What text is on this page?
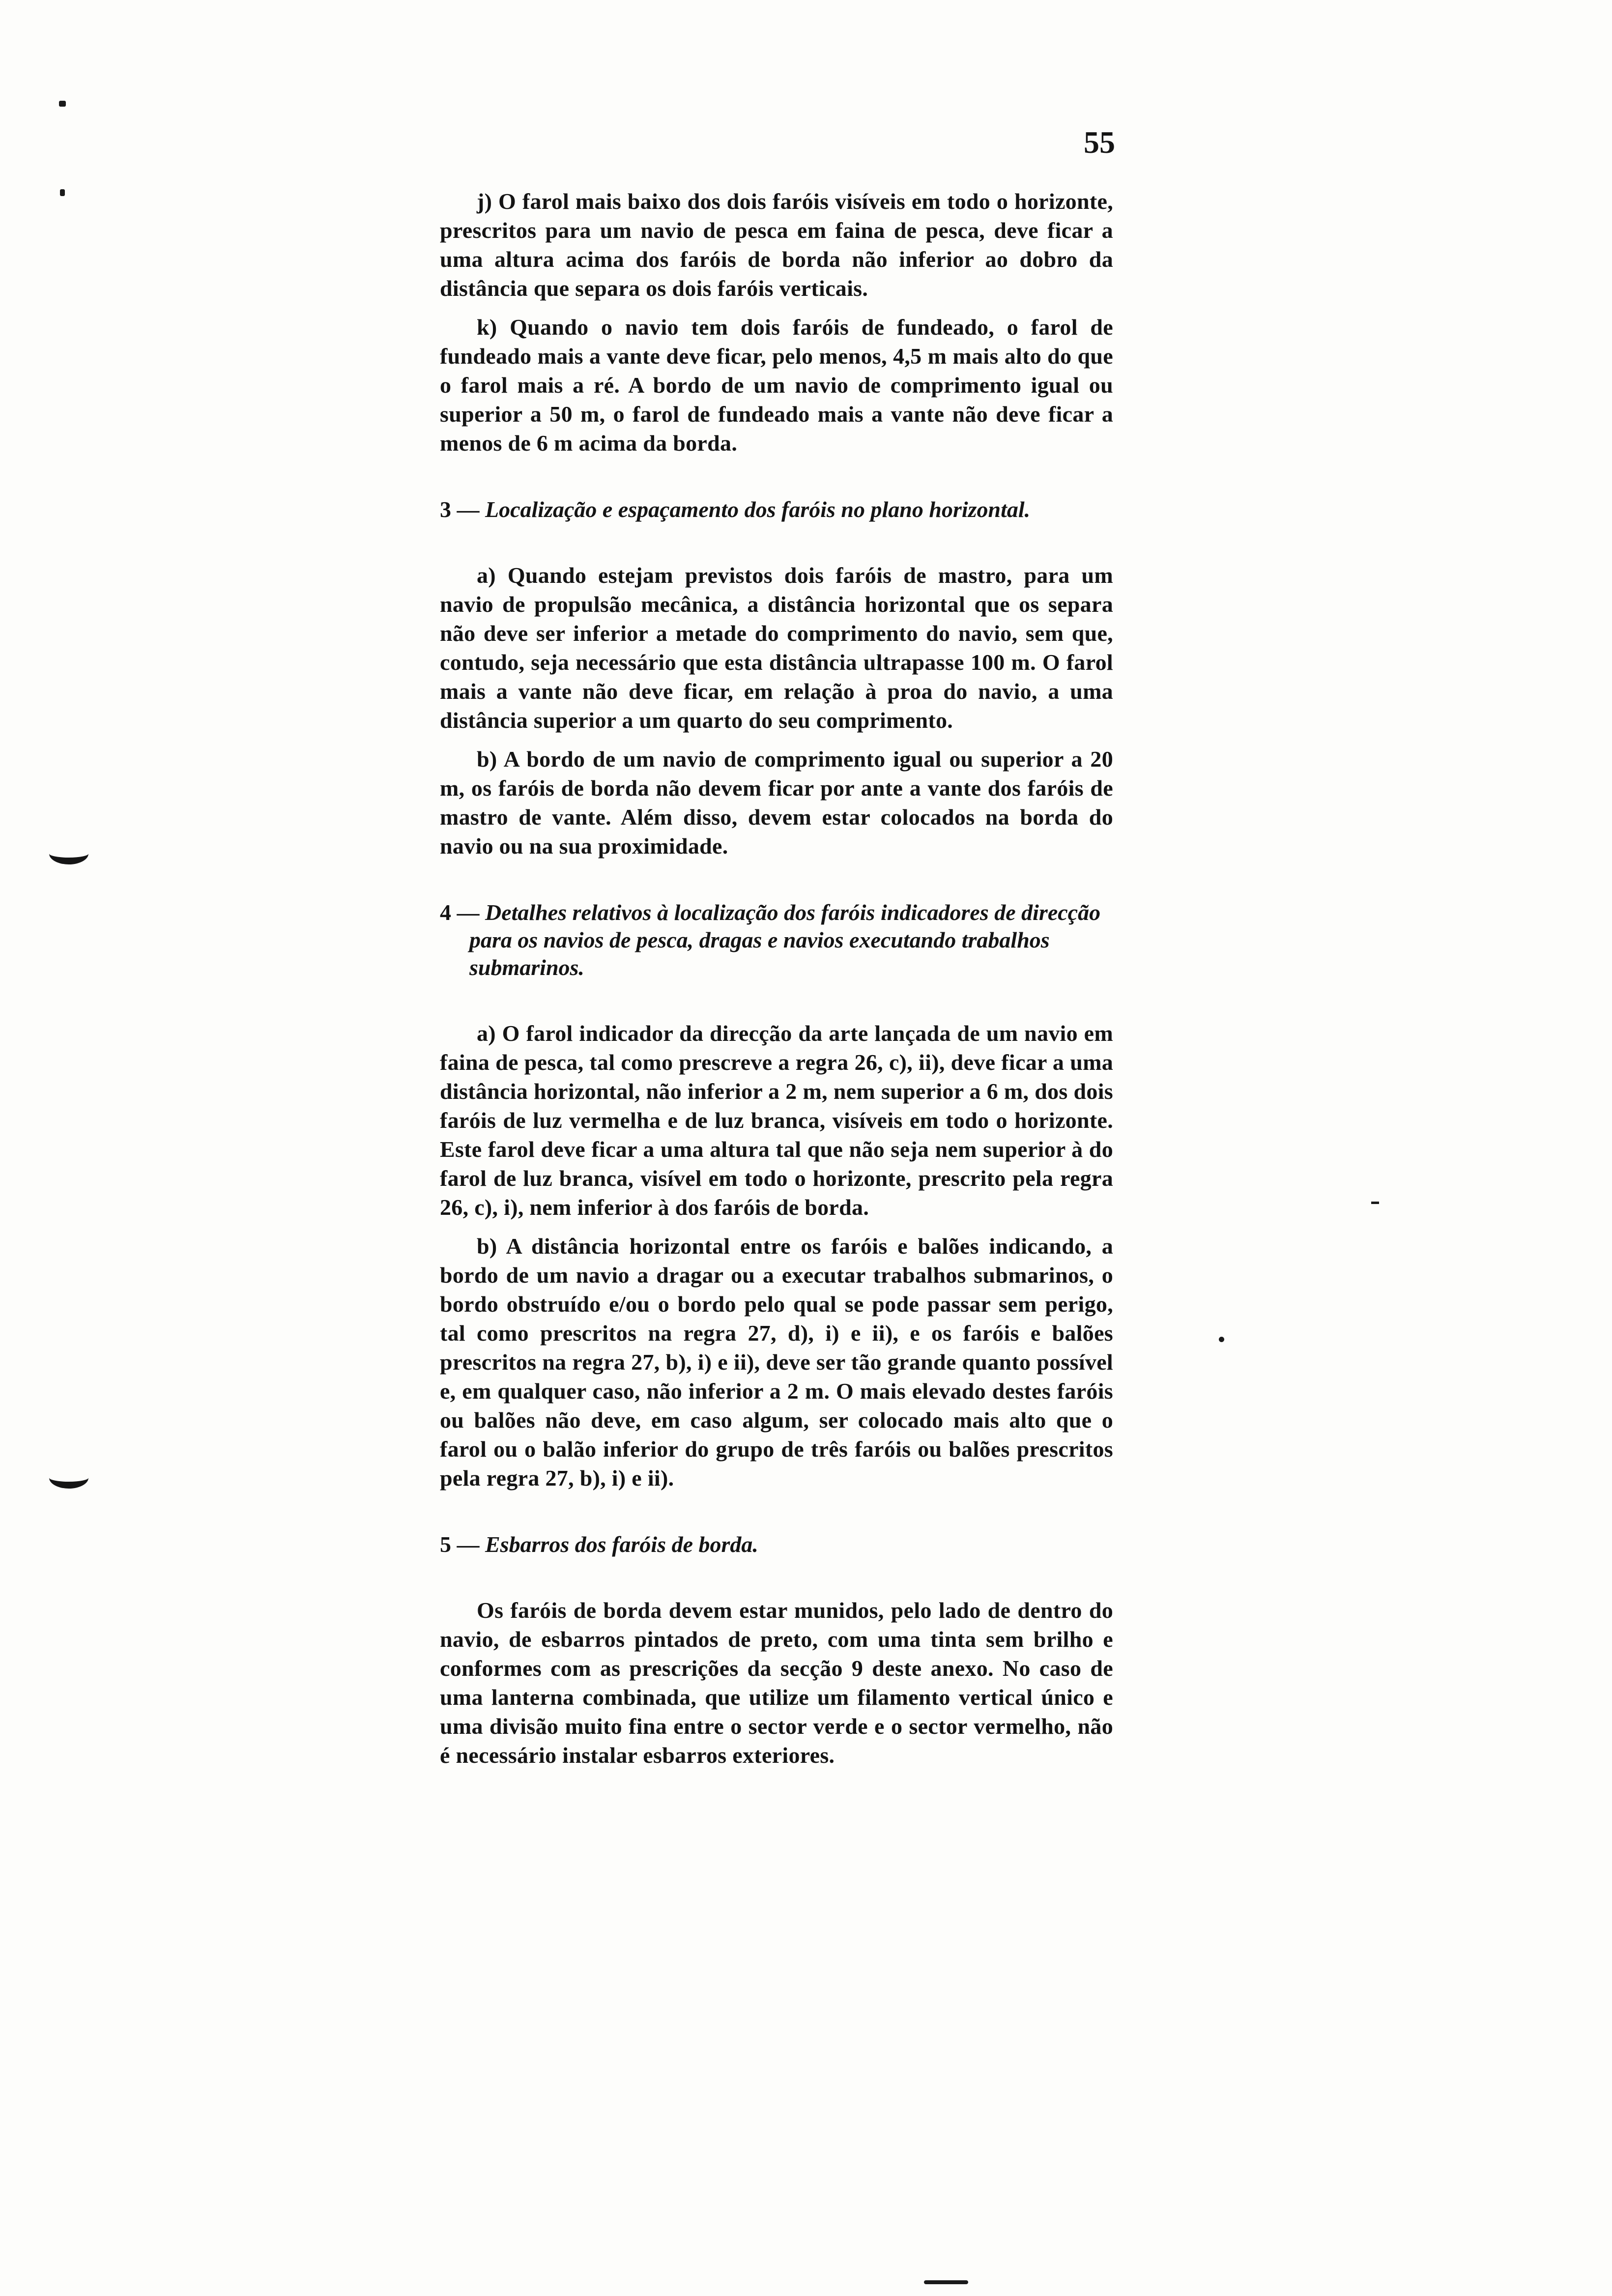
55

j) O farol mais baixo dos dois faróis visíveis em todo o horizonte, prescritos para um navio de pesca em faina de pesca, deve ficar a uma altura acima dos faróis de borda não inferior ao dobro da distância que separa os dois faróis verticais.

k) Quando o navio tem dois faróis de fundeado, o farol de fundeado mais a vante deve ficar, pelo menos, 4,5 m mais alto do que o farol mais a ré. A bordo de um navio de comprimento igual ou superior a 50 m, o farol de fundeado mais a vante não deve ficar a menos de 6 m acima da borda.

3 — Localização e espaçamento dos faróis no plano horizontal.

a) Quando estejam previstos dois faróis de mastro, para um navio de propulsão mecânica, a distância horizontal que os separa não deve ser inferior a metade do comprimento do navio, sem que, contudo, seja necessário que esta distância ultrapasse 100 m. O farol mais a vante não deve ficar, em relação à proa do navio, a uma distância superior a um quarto do seu comprimento.

b) A bordo de um navio de comprimento igual ou superior a 20 m, os faróis de borda não devem ficar por ante a vante dos faróis de mastro de vante. Além disso, devem estar colocados na borda do navio ou na sua proximidade.

4 — Detalhes relativos à localização dos faróis indicadores de direcção para os navios de pesca, dragas e navios executando trabalhos submarinos.

a) O farol indicador da direcção da arte lançada de um navio em faina de pesca, tal como prescreve a regra 26, c), ii), deve ficar a uma distância horizontal, não inferior a 2 m, nem superior a 6 m, dos dois faróis de luz vermelha e de luz branca, visíveis em todo o horizonte. Este farol deve ficar a uma altura tal que não seja nem superior à do farol de luz branca, visível em todo o horizonte, prescrito pela regra 26, c), i), nem inferior à dos faróis de borda.

b) A distância horizontal entre os faróis e balões indicando, a bordo de um navio a dragar ou a executar trabalhos submarinos, o bordo obstruído e/ou o bordo pelo qual se pode passar sem perigo, tal como prescritos na regra 27, d), i) e ii), e os faróis e balões prescritos na regra 27, b), i) e ii), deve ser tão grande quanto possível e, em qualquer caso, não inferior a 2 m. O mais elevado destes faróis ou balões não deve, em caso algum, ser colocado mais alto que o farol ou o balão inferior do grupo de três faróis ou balões prescritos pela regra 27, b), i) e ii).

5 — Esbarros dos faróis de borda.

Os faróis de borda devem estar munidos, pelo lado de dentro do navio, de esbarros pintados de preto, com uma tinta sem brilho e conformes com as prescrições da secção 9 deste anexo. No caso de uma lanterna combinada, que utilize um filamento vertical único e uma divisão muito fina entre o sector verde e o sector vermelho, não é necessário instalar esbarros exteriores.
